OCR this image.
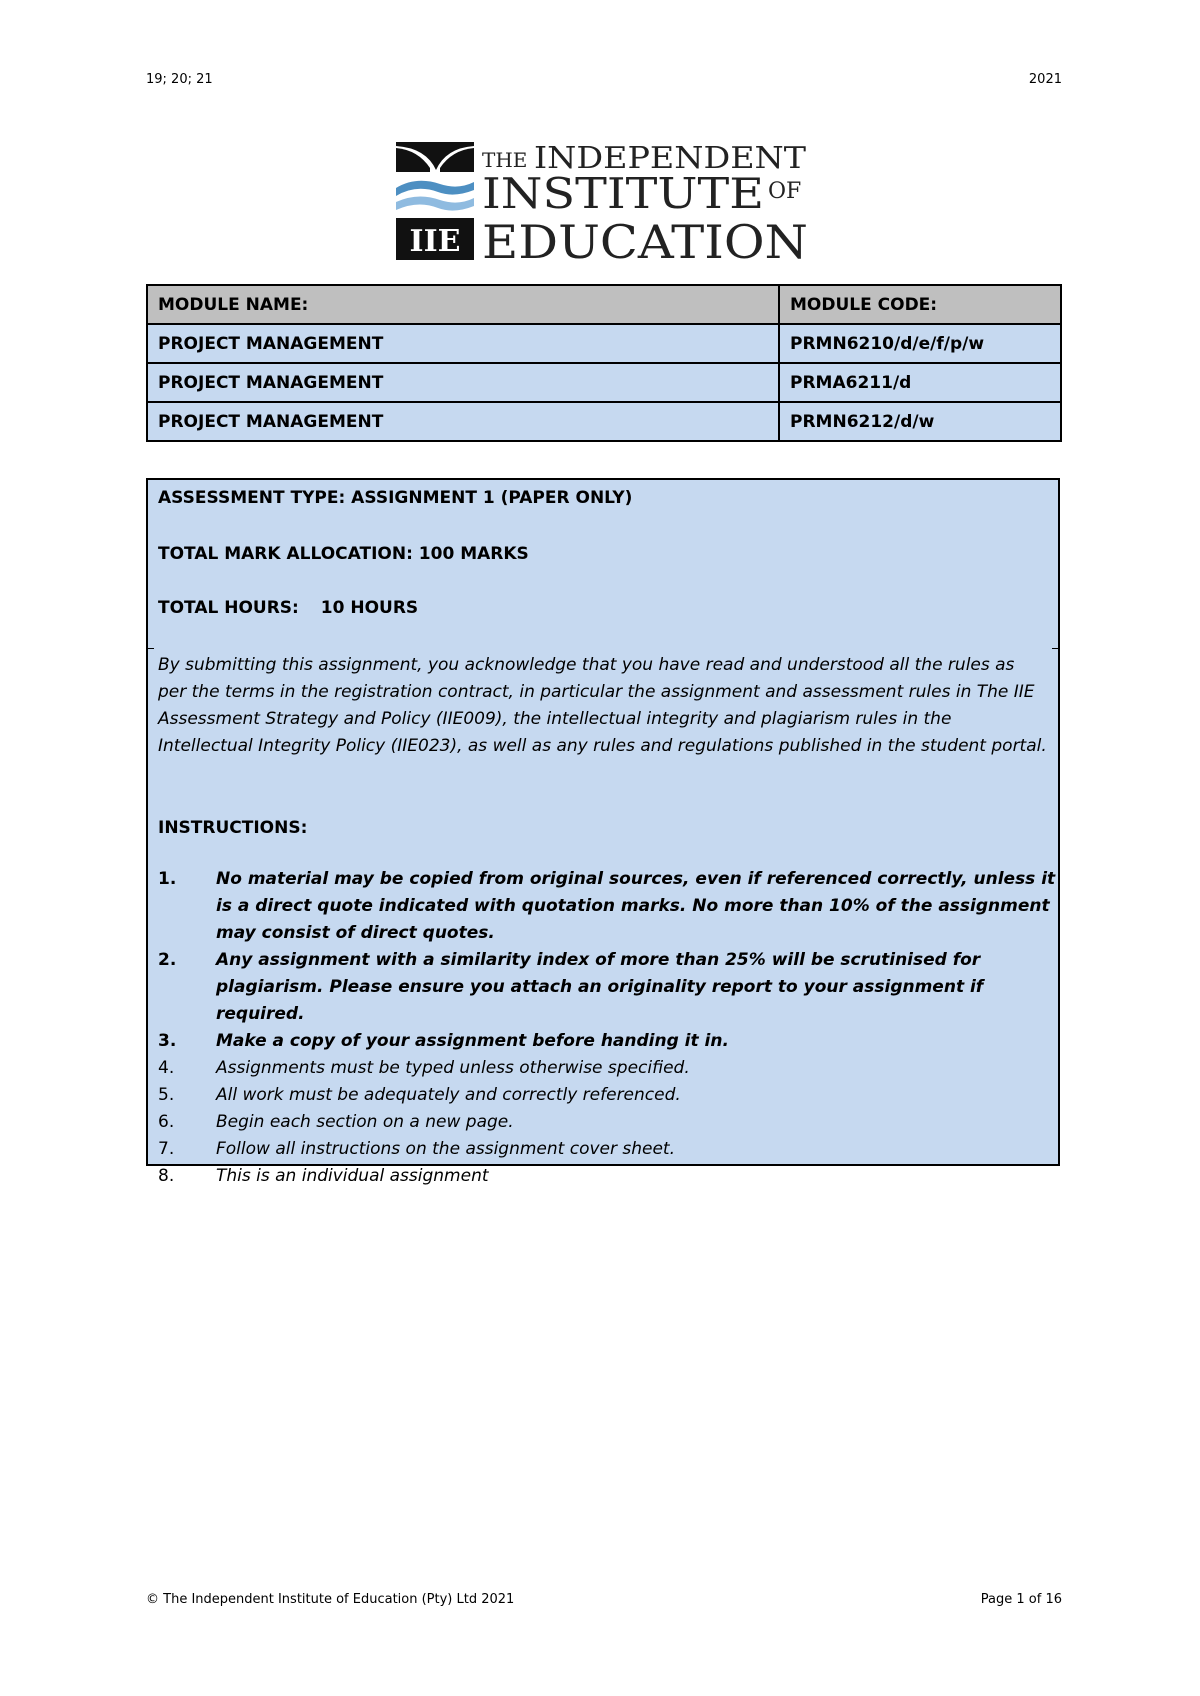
19; 20; 21	2021
IIE
THE INDEPENDENT
INSTITUTE OF
EDUCATION
MODULE NAME:	MODULE CODE:
PROJECT MANAGEMENT	PRMN6210/d/e/f/p/w
PROJECT MANAGEMENT	PRMA6211/d
PROJECT MANAGEMENT	PRMN6212/d/w
ASSESSMENT TYPE: ASSIGNMENT 1 (PAPER ONLY)
TOTAL MARK ALLOCATION: 100 MARKS
TOTAL HOURS: 10 HOURS
By submitting this assignment, you acknowledge that you have read and understood all the rules as per the terms in the registration contract, in particular the assignment and assessment rules in The IIE Assessment Strategy and Policy (IIE009), the intellectual integrity and plagiarism rules in the Intellectual Integrity Policy (IIE023), as well as any rules and regulations published in the student portal.
INSTRUCTIONS:
1. No material may be copied from original sources, even if referenced correctly, unless it is a direct quote indicated with quotation marks. No more than 10% of the assignment may consist of direct quotes.
2. Any assignment with a similarity index of more than 25% will be scrutinised for plagiarism. Please ensure you attach an originality report to your assignment if required.
3. Make a copy of your assignment before handing it in.
4. Assignments must be typed unless otherwise specified.
5. All work must be adequately and correctly referenced.
6. Begin each section on a new page.
7. Follow all instructions on the assignment cover sheet.
8. This is an individual assignment
© The Independent Institute of Education (Pty) Ltd 2021	Page 1 of 16
